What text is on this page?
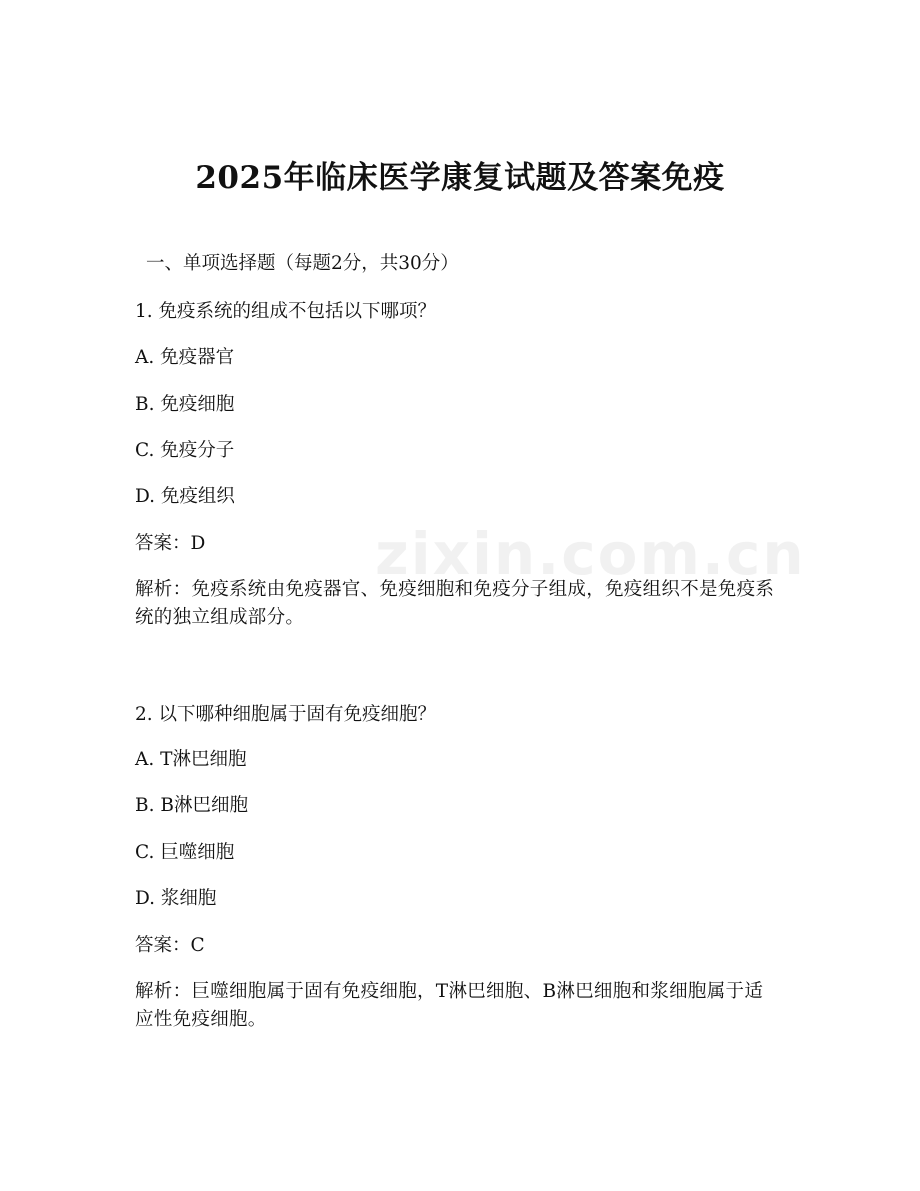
zixin.com.cn
2025年临床医学康复试题及答案免疫
一、单项选择题（每题2分，共30分）
1. 免疫系统的组成不包括以下哪项？
A. 免疫器官
B. 免疫细胞
C. 免疫分子
D. 免疫组织
答案：D
解析：免疫系统由免疫器官、免疫细胞和免疫分子组成，免疫组织不是免疫系统的独立组成部分。
2. 以下哪种细胞属于固有免疫细胞？
A. T淋巴细胞
B. B淋巴细胞
C. 巨噬细胞
D. 浆细胞
答案：C
解析：巨噬细胞属于固有免疫细胞，T淋巴细胞、B淋巴细胞和浆细胞属于适应性免疫细胞。
